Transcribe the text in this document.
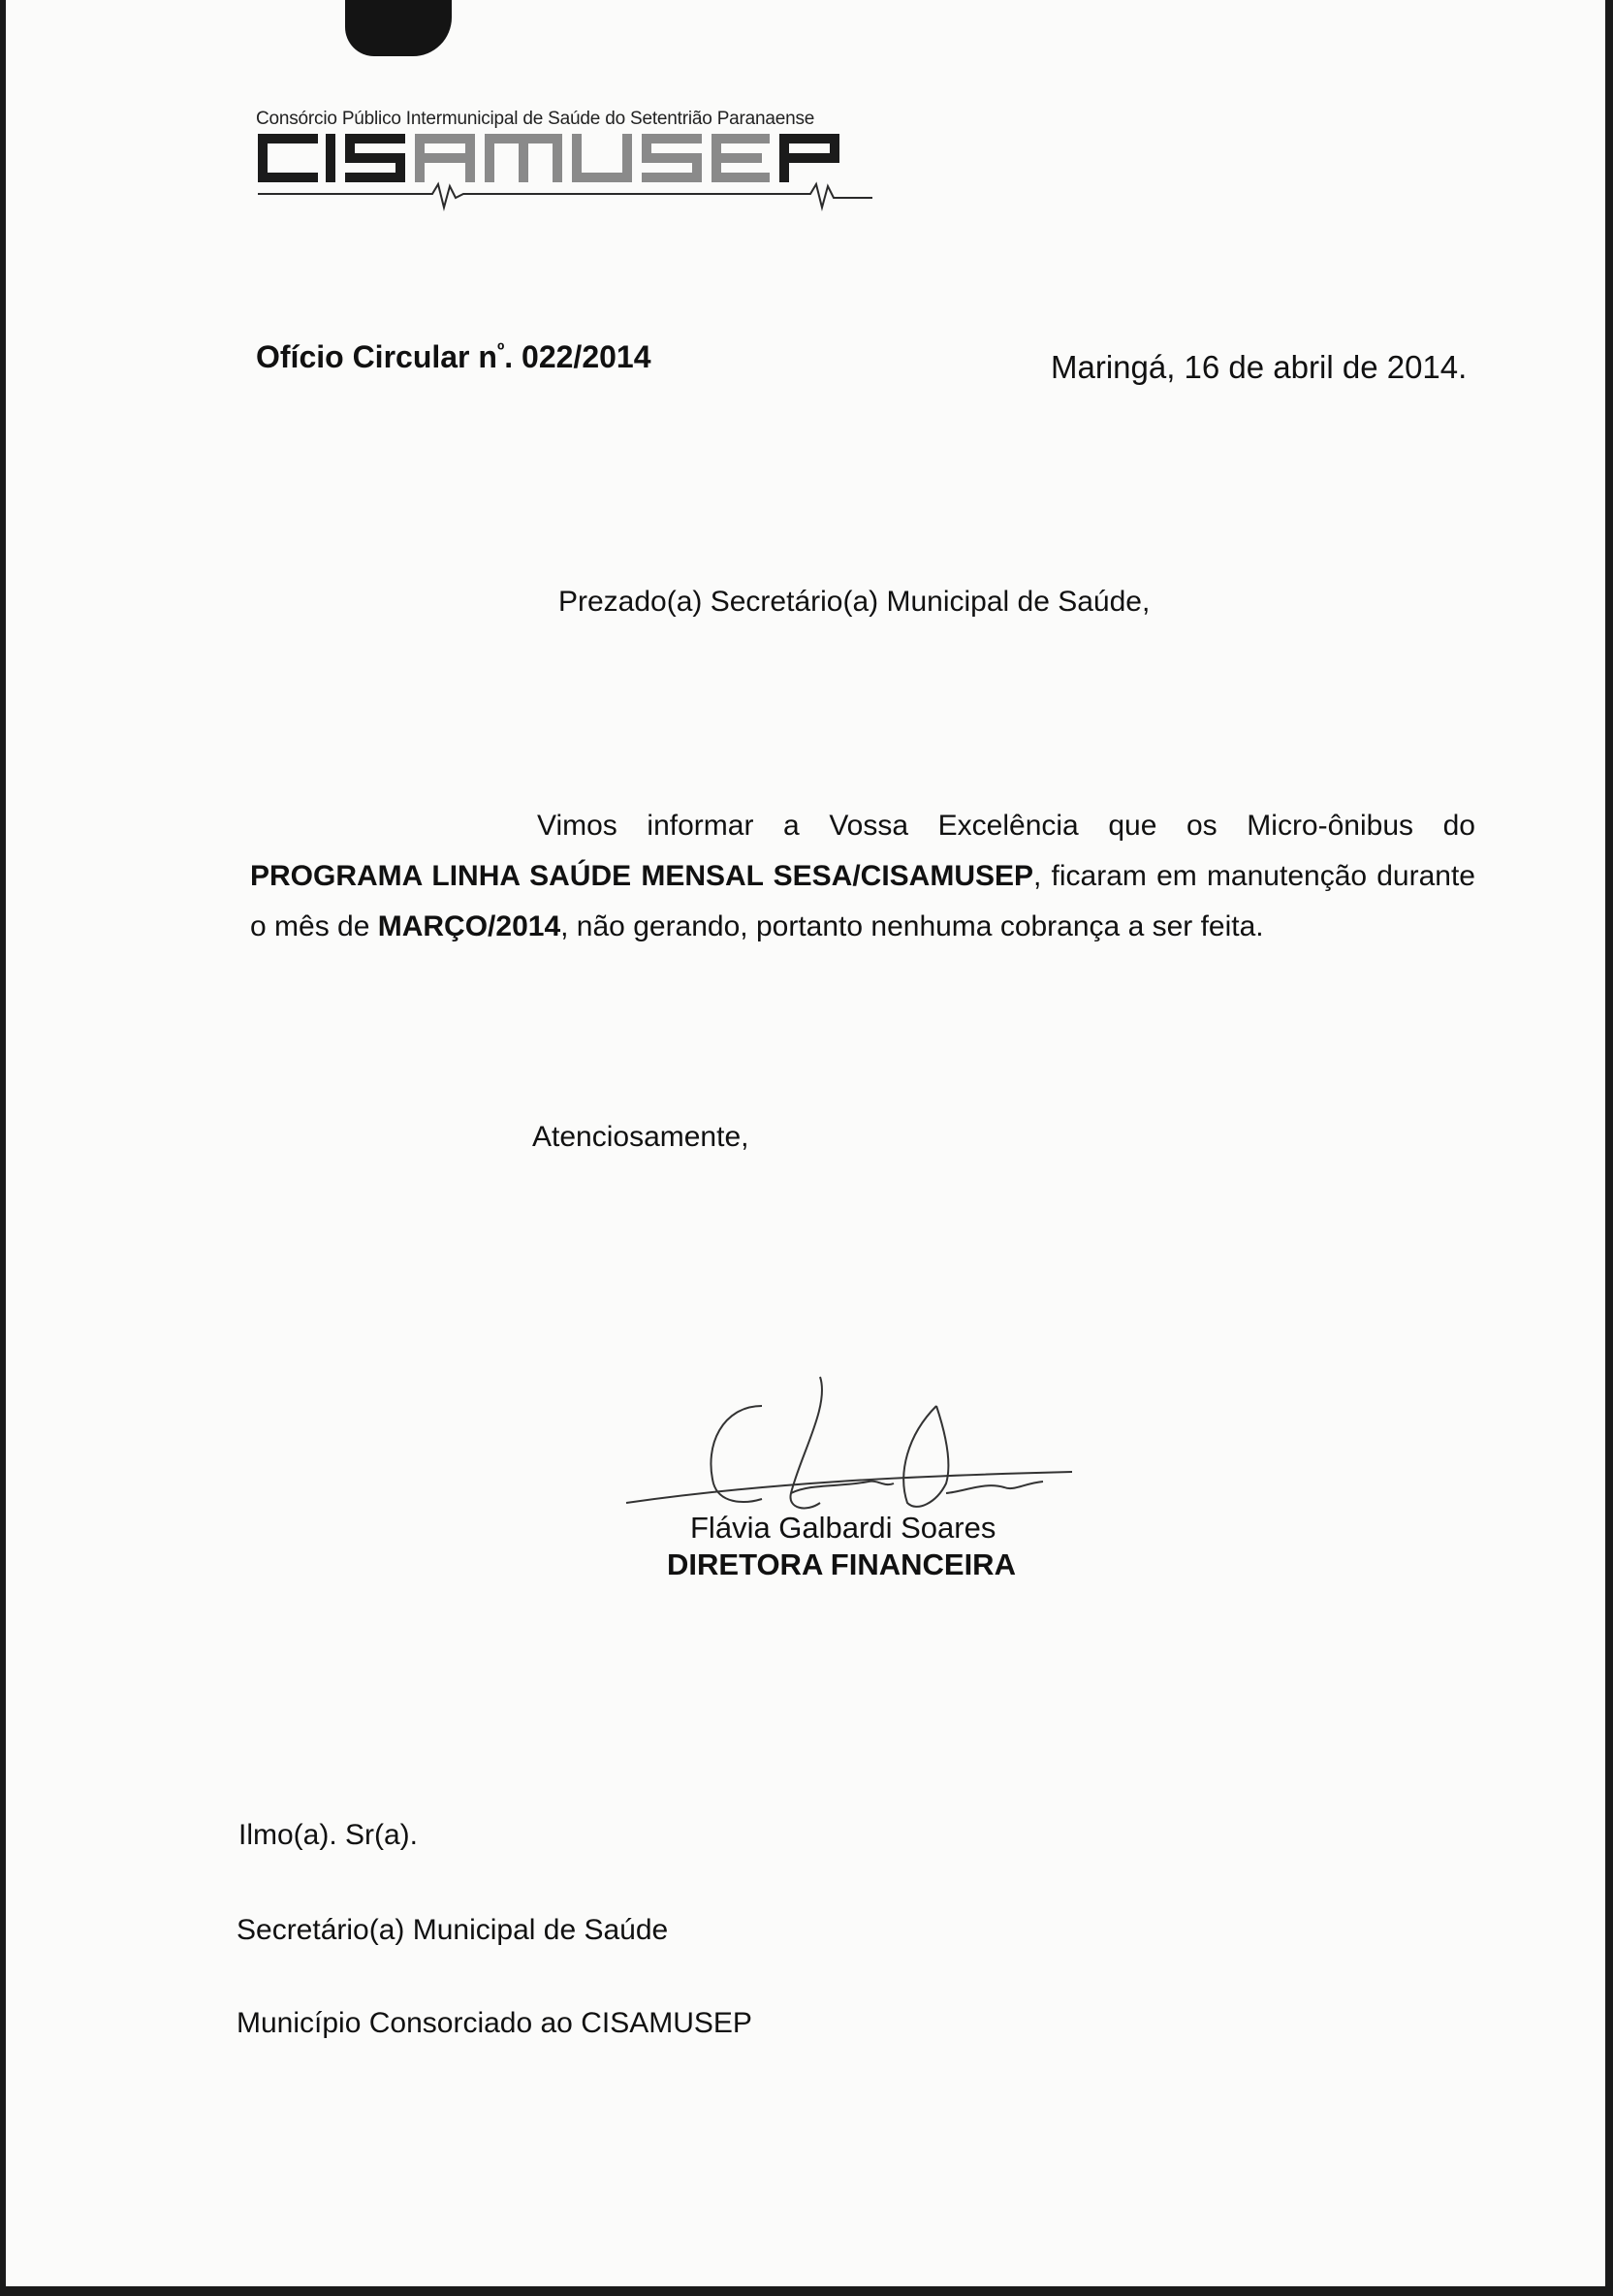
Consórcio Público Intermunicipal de Saúde do Setentrião Paranaense
Ofício Circular $n^º$. 022/2014	Maringá, 16 de abril de 2014.
Prezado(a) Secretário(a) Municipal de Saúde,
Vimos informar a Vossa Excelência que os Micro-ônibus do PROGRAMA LINHA SAÚDE MENSAL SESA/CISAMUSEP, ficaram em manutenção durante o mês de MARÇO/2014, não gerando, portanto nenhuma cobrança a ser feita.
Atenciosamente,
Flávia Galbardi Soares
DIRETORA FINANCEIRA
Ilmo(a). Sr(a).
Secretário(a) Municipal de Saúde
Município Consorciado ao CISAMUSEP
